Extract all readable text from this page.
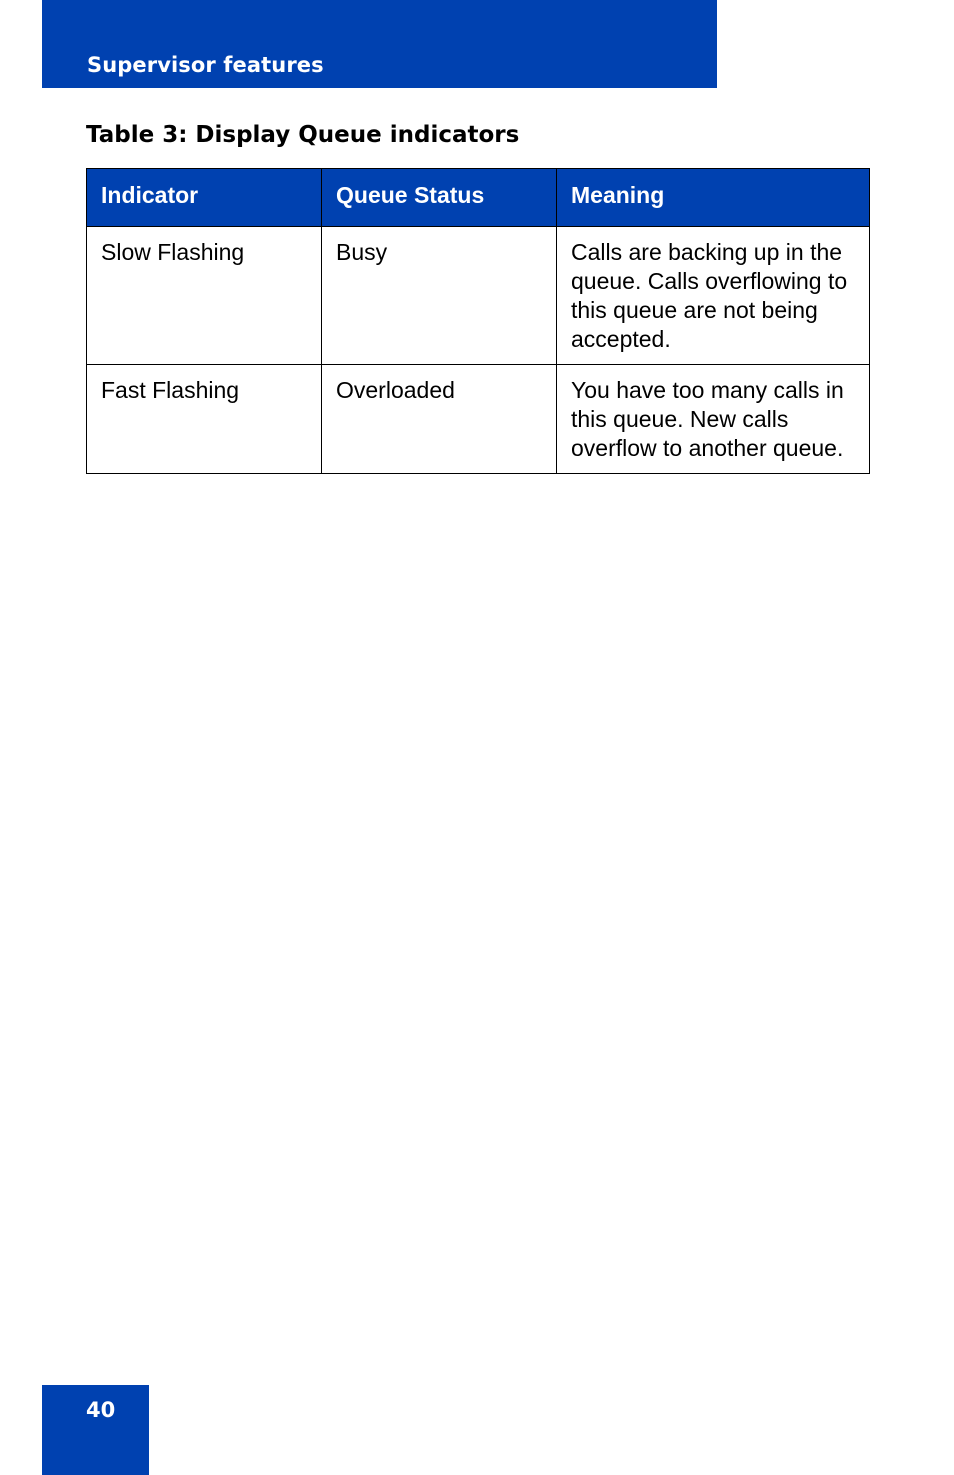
Supervisor features
Table 3: Display Queue indicators
Indicator	Queue Status	Meaning
Slow Flashing	Busy	Calls are backing up in the queue. Calls overflowing to this queue are not being accepted.
Fast Flashing	Overloaded	You have too many calls in this queue. New calls overflow to another queue.

40
